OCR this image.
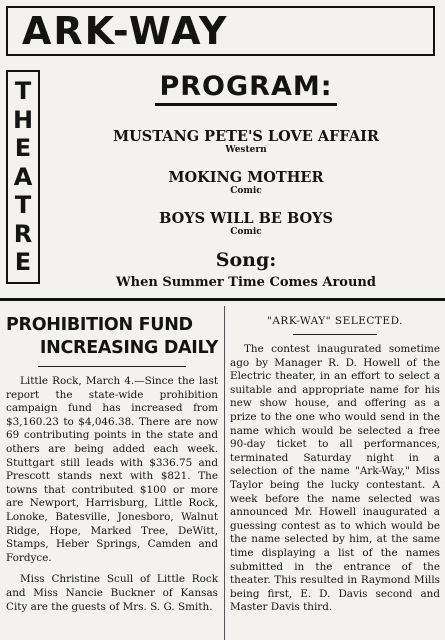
ARK-WAY
T
H
E
A
T
R
E
PROGRAM:
MUSTANG PETE'S LOVE AFFAIR
Western
MOKING MOTHER
Comic
BOYS WILL BE BOYS
Comic
Song:
When Summer Time Comes Around
PROHIBITION FUND
INCREASING DAILY

Little Rock, March 4.—Since the last report the state-wide prohibition campaign fund has increased from $3,160.23 to $4,046.38. There are now 69 contributing points in the state and others are being added each week. Stuttgart still leads with $336.75 and Prescott stands next with $821. The towns that contributed $100 or more are Newport, Harrisburg, Little Rock, Lonoke, Batesville, Jonesboro, Walnut Ridge, Hope, Marked Tree, DeWitt, Stamps, Heber Springs, Camden and Fordyce.

Miss Christine Scull of Little Rock and Miss Nancie Buckner of Kansas City are the guests of Mrs. S. G. Smith.

"ARK-WAY" SELECTED.

The contest inaugurated sometime ago by Manager R. D. Howell of the Electric theater, in an effort to select a suitable and appropriate name for his new show house, and offering as a prize to the one who would send in the name which would be selected a free 90-day ticket to all performances, terminated Saturday night in a selection of the name "Ark-Way," Miss Taylor being the lucky contestant. A week before the name selected was announced Mr. Howell inaugurated a guessing contest as to which would be the name selected by him, at the same time displaying a list of the names submitted in the entrance of the theater. This resulted in Raymond Mills being first, E. D. Davis second and Master Davis third.
